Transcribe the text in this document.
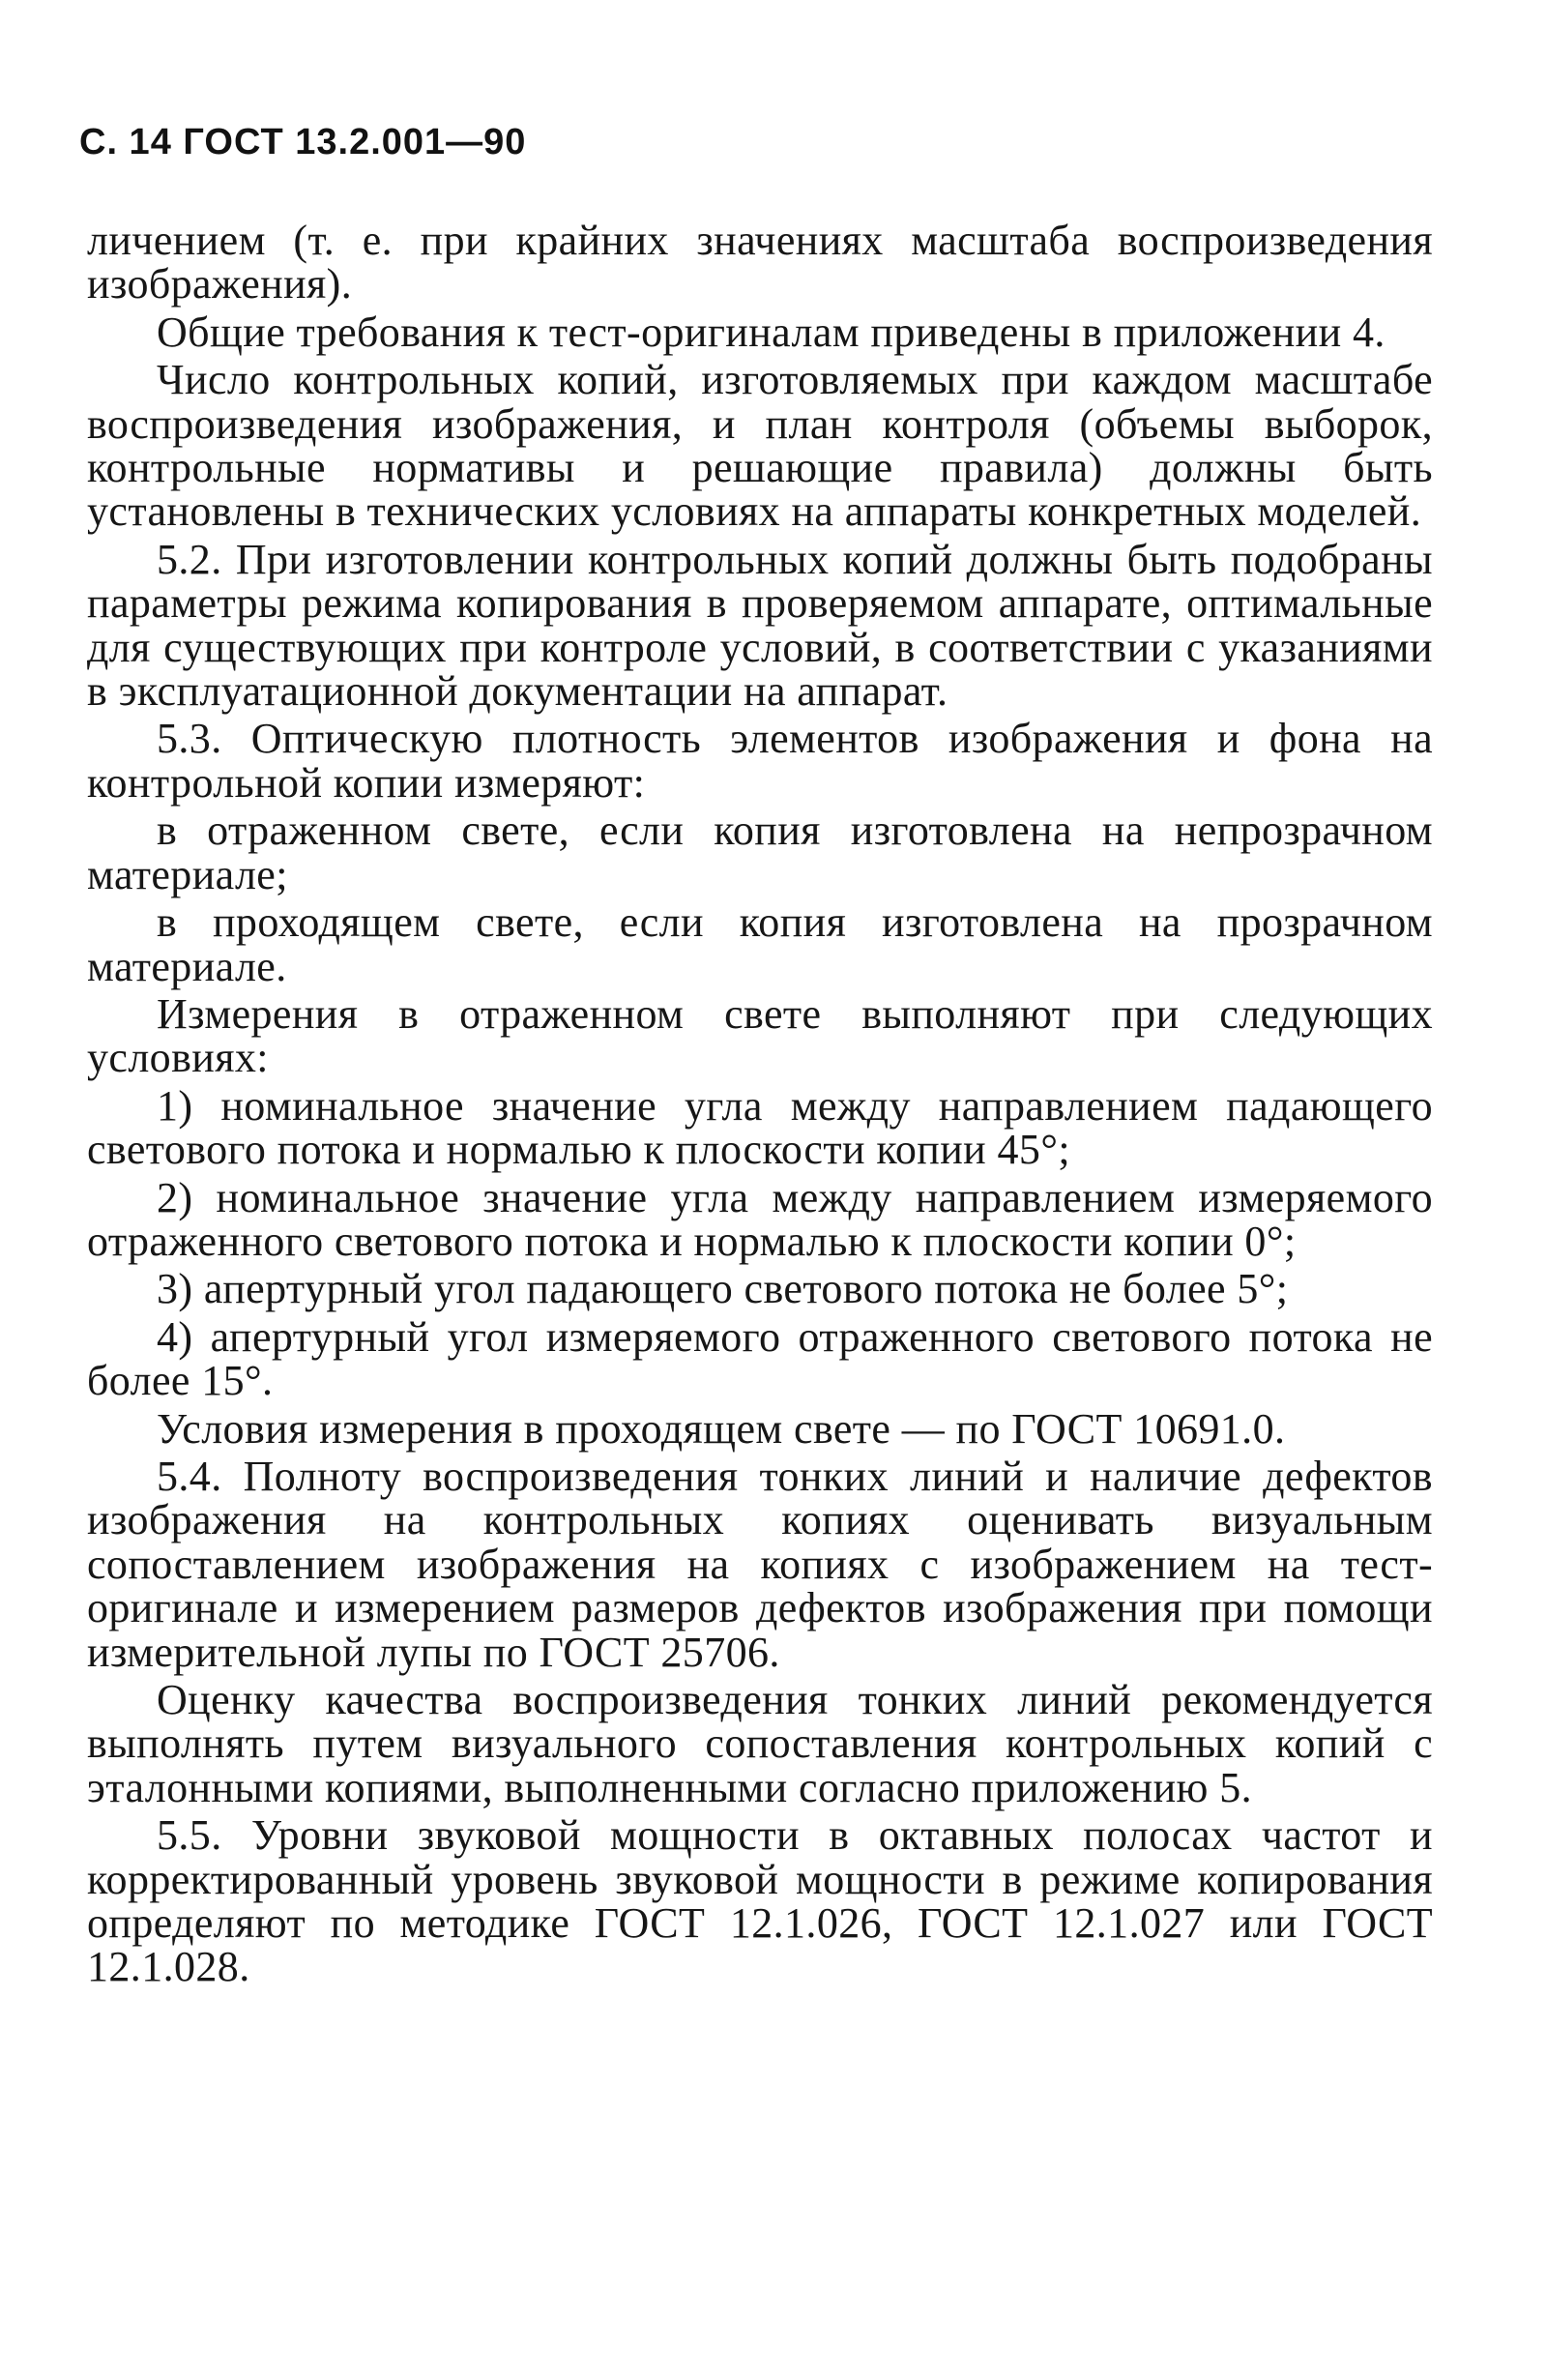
С. 14 ГОСТ 13.2.001—90

личением (т. е. при крайних значениях масштаба воспроизведения изображения).

Общие требования к тест-оригиналам приведены в приложении 4.

Число контрольных копий, изготовляемых при каждом масштабе воспроизведения изображения, и план контроля (объемы выборок, контрольные нормативы и решающие правила) должны быть установлены в технических условиях на аппараты конкретных моделей.

5.2. При изготовлении контрольных копий должны быть подобраны параметры режима копирования в проверяемом аппарате, оптимальные для существующих при контроле условий, в соответствии с указаниями в эксплуатационной документации на аппарат.

5.3. Оптическую плотность элементов изображения и фона на контрольной копии измеряют:

в отраженном свете, если копия изготовлена на непрозрачном материале;

в проходящем свете, если копия изготовлена на прозрачном материале.

Измерения в отраженном свете выполняют при следующих условиях:

1) номинальное значение угла между направлением падающего светового потока и нормалью к плоскости копии 45°;

2) номинальное значение угла между направлением измеряемого отраженного светового потока и нормалью к плоскости копии 0°;

3) апертурный угол падающего светового потока не более 5°;

4) апертурный угол измеряемого отраженного светового потока не более 15°.

Условия измерения в проходящем свете — по ГОСТ 10691.0.

5.4. Полноту воспроизведения тонких линий и наличие дефектов изображения на контрольных копиях оценивать визуальным сопоставлением изображения на копиях с изображением на тест-оригинале и измерением размеров дефектов изображения при помощи измерительной лупы по ГОСТ 25706.

Оценку качества воспроизведения тонких линий рекомендуется выполнять путем визуального сопоставления контрольных копий с эталонными копиями, выполненными согласно приложению 5.

5.5. Уровни звуковой мощности в октавных полосах частот и корректированный уровень звуковой мощности в режиме копирования определяют по методике ГОСТ 12.1.026, ГОСТ 12.1.027 или ГОСТ 12.1.028.
